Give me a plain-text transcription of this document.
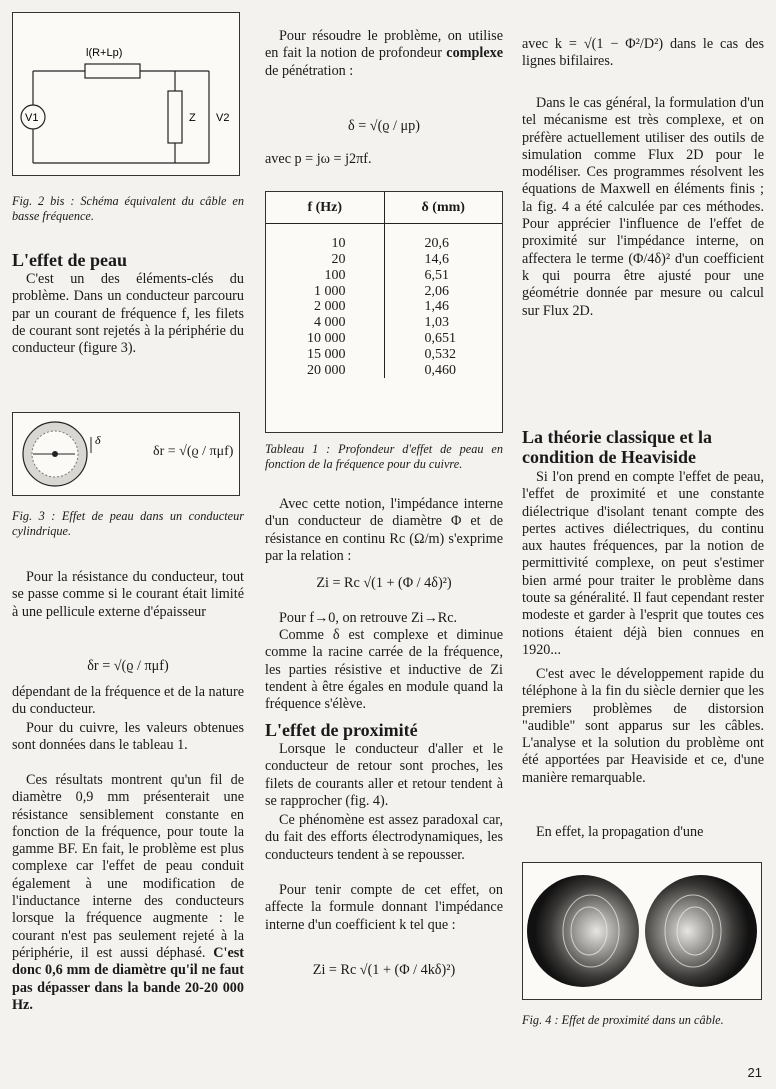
l(R+Lp)
V1	Z V2

Fig. 2 bis : Schéma équivalent du câble en basse fréquence.

L'effet de peau

C'est un des éléments-clés du problème. Dans un conducteur parcouru par un courant de fréquence f, les filets de courant sont rejetés à la périphérie du conducteur (figure 3).

δ
δr = √(ϱ / πμf)

Fig. 3 : Effet de peau dans un conducteur cylindrique.

Pour la résistance du conducteur, tout se passe comme si le courant était limité à une pellicule externe d'épaisseur

δr = √(ϱ / πμf)

dépendant de la fréquence et de la nature du conducteur.

Pour du cuivre, les valeurs obtenues sont données dans le tableau 1.

Ces résultats montrent qu'un fil de diamètre 0,9 mm présenterait une résistance sensiblement constante en fonction de la fréquence, pour toute la gamme BF. En fait, le problème est plus complexe car l'effet de peau conduit également à une modification de l'inductance interne des conducteurs lorsque la fréquence augmente : le courant n'est pas seulement rejeté à la périphérie, il est aussi déphasé. C'est donc 0,6 mm de diamètre qu'il ne faut pas dépasser dans la bande 20-20 000 Hz.

Pour résoudre le problème, on utilise en fait la notion de profondeur complexe de pénétration :

δ = √(ϱ / μp)

avec p = jω = j2πf.

f (Hz)	δ (mm)
10	20,6
20	14,6
100	6,51
1 000	2,06
2 000	1,46
4 000	1,03
10 000	0,651
15 000	0,532
20 000	0,460

Tableau 1 : Profondeur d'effet de peau en fonction de la fréquence pour du cuivre.

Avec cette notion, l'impédance interne d'un conducteur de diamètre Φ et de résistance en continu Rc (Ω/m) s'exprime par la relation :

Zi = Rc √(1 + (Φ / 4δ)²)

Pour f→0, on retrouve Zi→Rc.

Comme δ est complexe et diminue comme la racine carrée de la fréquence, les parties résistive et inductive de Zi tendent à être égales en module quand la fréquence s'élève.

L'effet de proximité

Lorsque le conducteur d'aller et le conducteur de retour sont proches, les filets de courants aller et retour tendent à se rapprocher (fig. 4).

Ce phénomène est assez paradoxal car, du fait des efforts électrodynamiques, les conducteurs tendent à se repousser.

Pour tenir compte de cet effet, on affecte la formule donnant l'impédance interne d'un coefficient k tel que :

Zi = Rc √(1 + (Φ / 4kδ)²)

avec k = √(1 − Φ²/D²) dans le cas des lignes bifilaires.

Dans le cas général, la formulation d'un tel mécanisme est très complexe, et on préfère actuellement utiliser des outils de simulation comme Flux 2D pour le modéliser. Ces programmes résolvent les équations de Maxwell en éléments finis ; la fig. 4 a été calculée par ces méthodes. Pour apprécier l'influence de l'effet de proximité sur l'impédance interne, on affectera le terme (Φ/4δ)² d'un coefficient k qui pourra être ajusté pour une géométrie donnée par mesure ou calcul sur Flux 2D.

La théorie classique et la condition de Heaviside

Si l'on prend en compte l'effet de peau, l'effet de proximité et une constante diélectrique d'isolant tenant compte des pertes actives diélectriques, du continu aux hautes fréquences, par la notion de permittivité complexe, on peut s'estimer bien armé pour traiter le problème dans toute sa généralité. Il faut cependant rester modeste et garder à l'esprit que toutes ces notions étaient déjà bien connues en 1920...

C'est avec le développement rapide du téléphone à la fin du siècle dernier que les premiers problèmes de distorsion "audible" sont apparus sur les câbles. L'analyse et la solution du problème ont été apportées par Heaviside et ce, d'une manière remarquable.

En effet, la propagation d'une

Fig. 4 : Effet de proximité dans un câble.

21
